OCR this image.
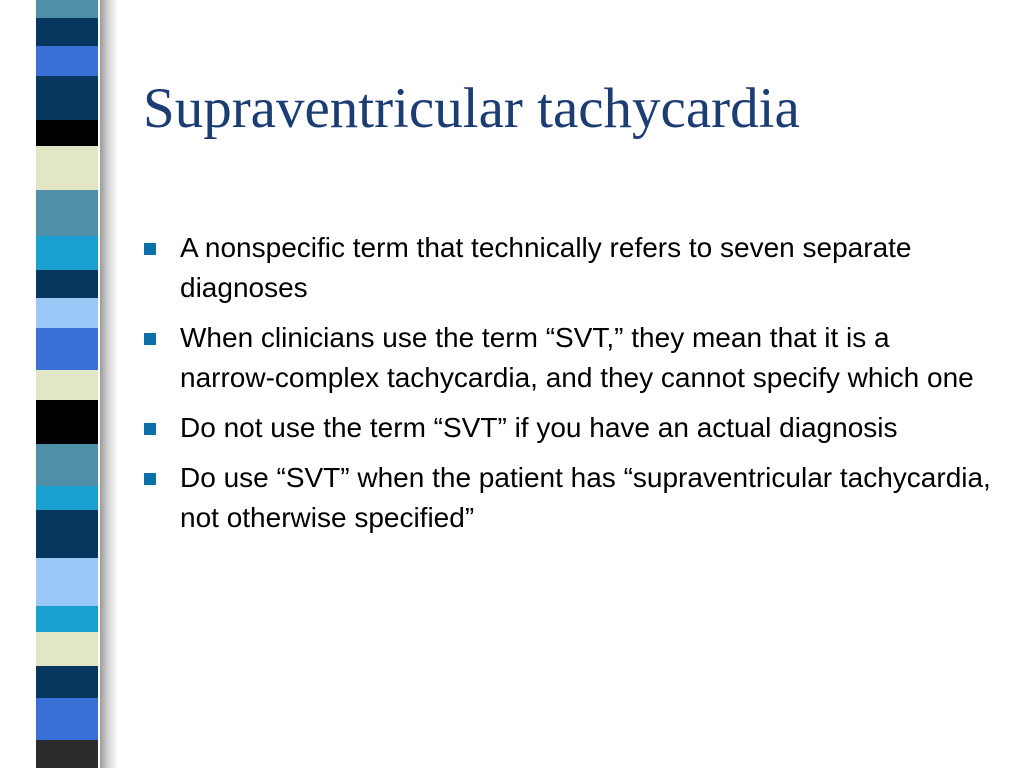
Supraventricular tachycardia
A nonspecific term that technically refers to seven separate diagnoses
When clinicians use the term “SVT,” they mean that it is a narrow-complex tachycardia, and they cannot specify which one
Do not use the term “SVT” if you have an actual diagnosis
Do use “SVT” when the patient has “supraventricular tachycardia, not otherwise specified”
